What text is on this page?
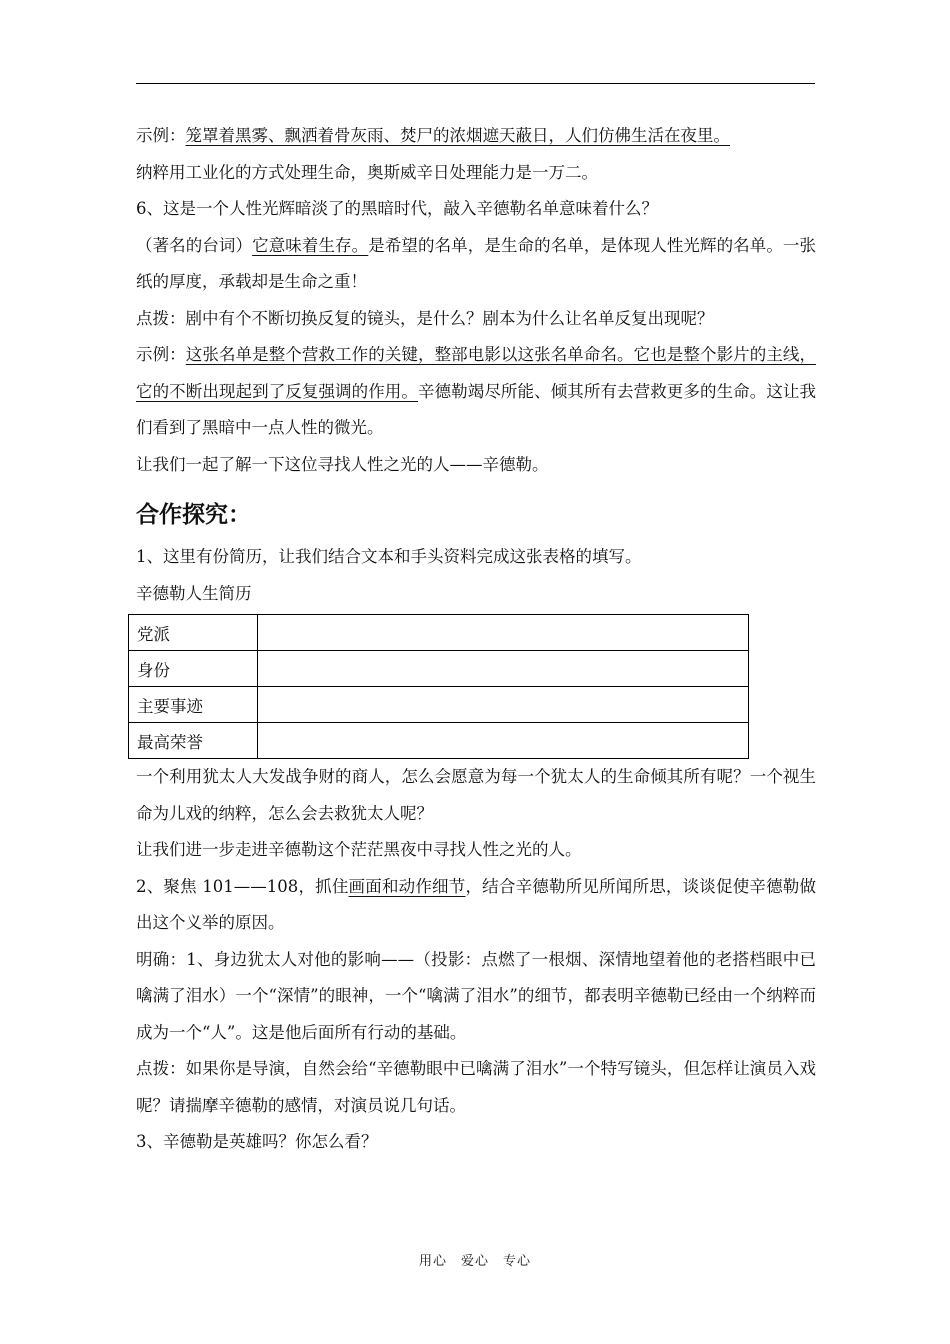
示例：笼罩着黑雾、飘洒着骨灰雨、焚尸的浓烟遮天蔽日，人们仿佛生活在夜里。

纳粹用工业化的方式处理生命，奥斯威辛日处理能力是一万二。

6、这是一个人性光辉暗淡了的黑暗时代，敲入辛德勒名单意味着什么？

（著名的台词）它意味着生存。是希望的名单，是生命的名单，是体现人性光辉的名单。一张纸的厚度，承载却是生命之重！

点拨：剧中有个不断切换反复的镜头，是什么？剧本为什么让名单反复出现呢？

示例：这张名单是整个营救工作的关键，整部电影以这张名单命名。它也是整个影片的主线，它的不断出现起到了反复强调的作用。辛德勒竭尽所能、倾其所有去营救更多的生命。这让我们看到了黑暗中一点人性的微光。

让我们一起了解一下这位寻找人性之光的人——辛德勒。

合作探究：

1、这里有份简历，让我们结合文本和手头资料完成这张表格的填写。

辛德勒人生简历

党派	
身份	
主要事迹	
最高荣誉	

一个利用犹太人大发战争财的商人，怎么会愿意为每一个犹太人的生命倾其所有呢？一个视生命为儿戏的纳粹，怎么会去救犹太人呢？

让我们进一步走进辛德勒这个茫茫黑夜中寻找人性之光的人。

2、聚焦 101——108，抓住画面和动作细节，结合辛德勒所见所闻所思，谈谈促使辛德勒做出这个义举的原因。

明确：1、身边犹太人对他的影响——（投影：点燃了一根烟、深情地望着他的老搭档眼中已噙满了泪水）一个“深情”的眼神，一个“噙满了泪水”的细节，都表明辛德勒已经由一个纳粹而成为一个“人”。这是他后面所有行动的基础。

点拨：如果你是导演，自然会给“辛德勒眼中已噙满了泪水”一个特写镜头，但怎样让演员入戏呢？请揣摩辛德勒的感情，对演员说几句话。

3、辛德勒是英雄吗？你怎么看？

用心　爱心　专心
